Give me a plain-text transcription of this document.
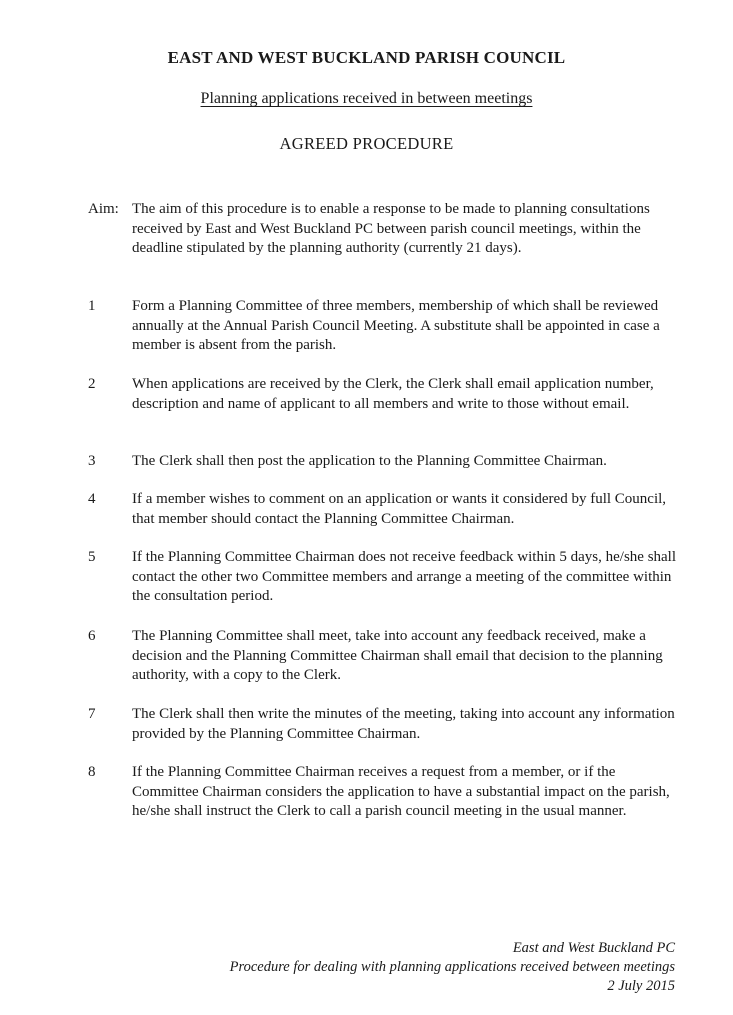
EAST AND WEST BUCKLAND PARISH COUNCIL
Planning applications received in between meetings
AGREED PROCEDURE
Aim: The aim of this procedure is to enable a response to be made to planning consultations received by East and West Buckland PC between parish council meetings, within the deadline stipulated by the planning authority (currently 21 days).
1	Form a Planning Committee of three members, membership of which shall be reviewed annually at the Annual Parish Council Meeting. A substitute shall be appointed in case a member is absent from the parish.
2	When applications are received by the Clerk, the Clerk shall email application number, description and name of applicant to all members and write to those without email.
3	The Clerk shall then post the application to the Planning Committee Chairman.
4	If a member wishes to comment on an application or wants it considered by full Council, that member should contact the Planning Committee Chairman.
5	If the Planning Committee Chairman does not receive feedback within 5 days, he/she shall contact the other two Committee members and arrange a meeting of the committee within the consultation period.
6	The Planning Committee shall meet, take into account any feedback received, make a decision and the Planning Committee Chairman shall email that decision to the planning authority, with a copy to the Clerk.
7	The Clerk shall then write the minutes of the meeting, taking into account any information provided by the Planning Committee Chairman.
8	If the Planning Committee Chairman receives a request from a member, or if the Committee Chairman considers the application to have a substantial impact on the parish, he/she shall instruct the Clerk to call a parish council meeting in the usual manner.
East and West Buckland PC
Procedure for dealing with planning applications received between meetings
2 July 2015
